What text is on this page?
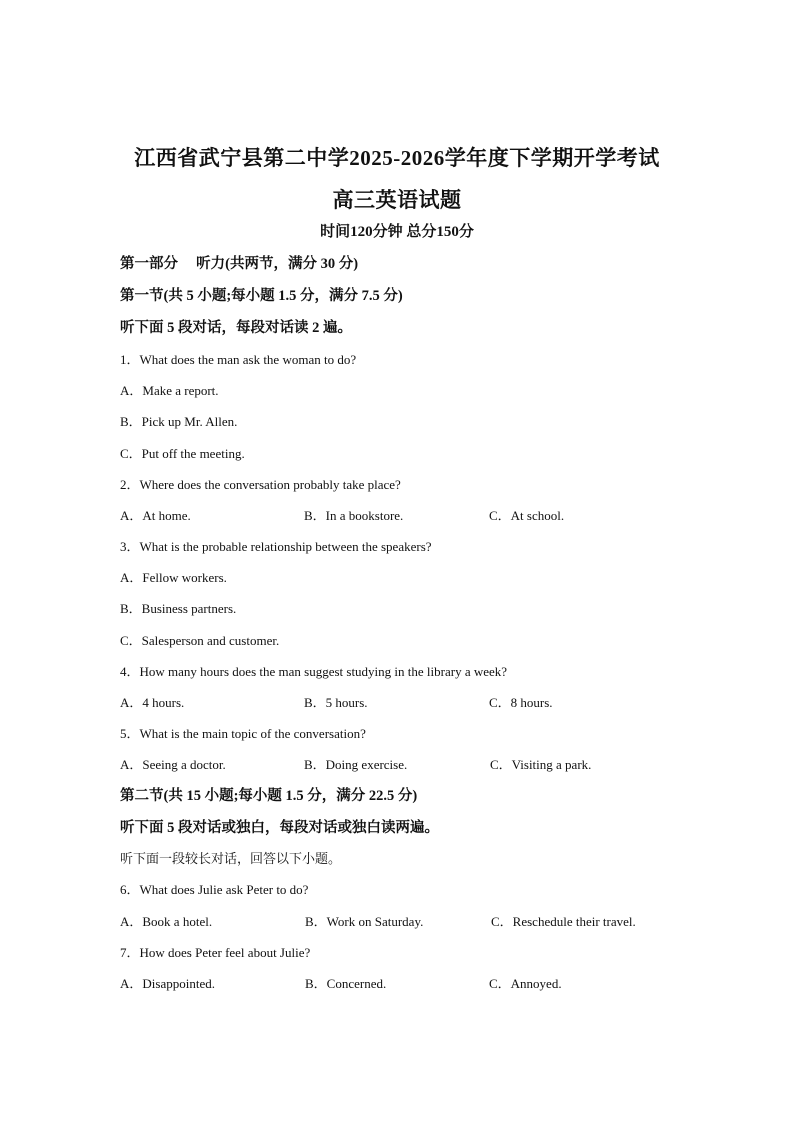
江西省武宁县第二中学2025-2026学年度下学期开学考试
高三英语试题
时间120分钟 总分150分
第一部分　 听力(共两节，满分 30 分)
第一节(共 5 小题;每小题 1.5 分，满分 7.5 分)
听下面 5 段对话，每段对话读 2 遍。
1．What does the man ask the woman to do?
A．Make a report.
B．Pick up Mr. Allen.
C．Put off the meeting.
2．Where does the conversation probably take place?
A．At home.	B．In a bookstore.	C．At school.
3．What is the probable relationship between the speakers?
A．Fellow workers.
B．Business partners.
C．Salesperson and customer.
4．How many hours does the man suggest studying in the library a week?
A．4 hours.	B．5 hours.	C．8 hours.
5．What is the main topic of the conversation?
A．Seeing a doctor.	B．Doing exercise.	C．Visiting a park.
第二节(共 15 小题;每小题 1.5 分，满分 22.5 分)
听下面 5 段对话或独白，每段对话或独白读两遍。
听下面一段较长对话，回答以下小题。
6．What does Julie ask Peter to do?
A．Book a hotel.	B．Work on Saturday.	C．Reschedule their travel.
7．How does Peter feel about Julie?
A．Disappointed.	B．Concerned.	C．Annoyed.
